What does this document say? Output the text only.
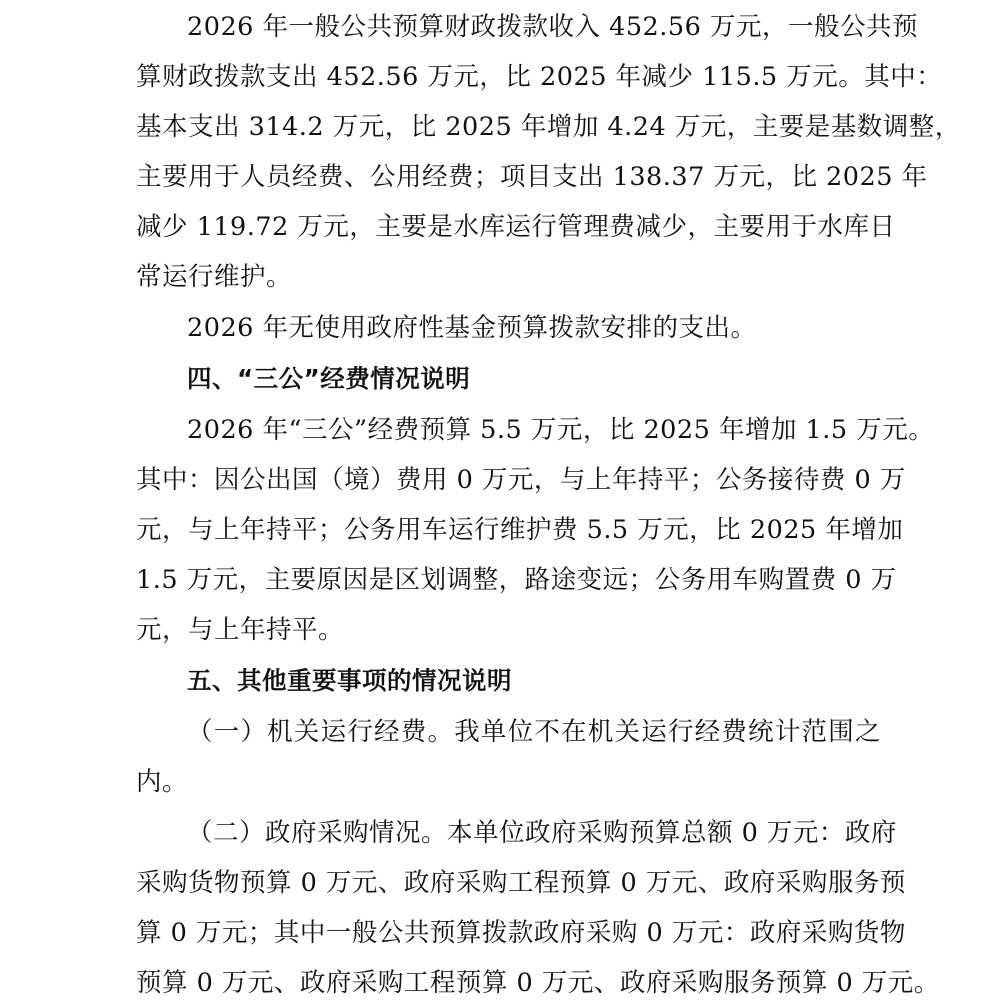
2026 年一般公共预算财政拨款收入 452.56 万元，一般公共预
算财政拨款支出 452.56 万元，比 2025 年减少 115.5 万元。其中：
基本支出 314.2 万元，比 2025 年增加 4.24 万元，主要是基数调整，
主要用于人员经费、公用经费；项目支出 138.37 万元，比 2025 年
减少 119.72 万元，主要是水库运行管理费减少，主要用于水库日
常运行维护。
2026 年无使用政府性基金预算拨款安排的支出。
四、“三公”经费情况说明
2026 年“三公”经费预算 5.5 万元，比 2025 年增加 1.5 万元。
其中：因公出国（境）费用 0 万元，与上年持平；公务接待费 0 万
元，与上年持平；公务用车运行维护费 5.5 万元，比 2025 年增加
1.5 万元，主要原因是区划调整，路途变远；公务用车购置费 0 万
元，与上年持平。
五、其他重要事项的情况说明
（一）机关运行经费。我单位不在机关运行经费统计范围之
内。
（二）政府采购情况。本单位政府采购预算总额 0 万元：政府
采购货物预算 0 万元、政府采购工程预算 0 万元、政府采购服务预
算 0 万元；其中一般公共预算拨款政府采购 0 万元：政府采购货物
预算 0 万元、政府采购工程预算 0 万元、政府采购服务预算 0 万元。
